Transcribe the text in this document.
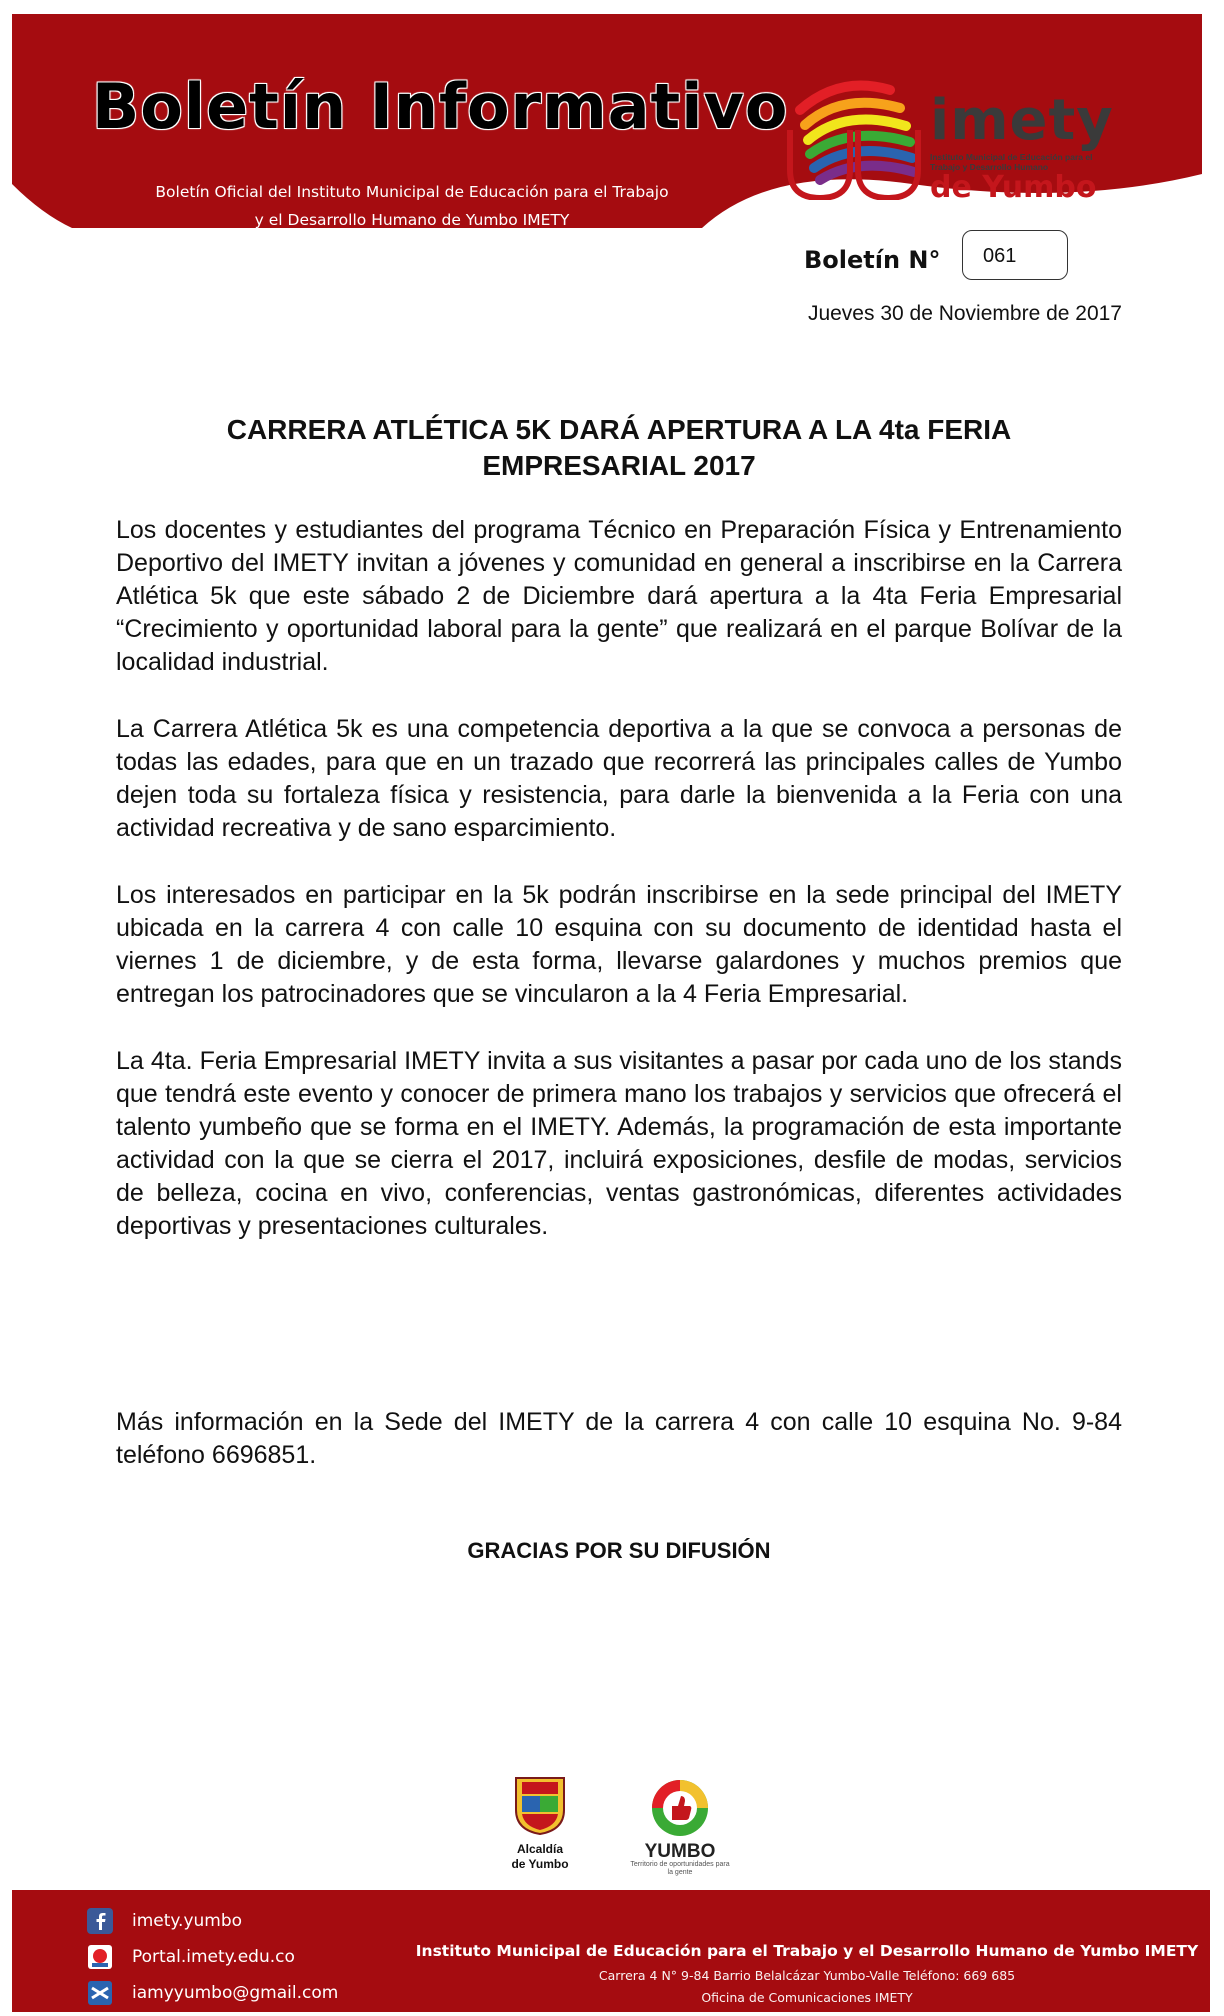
Boletín Informativo
Boletín Oficial del Instituto Municipal de Educación para el Trabajo
y el Desarrollo Humano de Yumbo IMETY
imety
Instituto Municipal de Educación para el Trabajo y Desarrollo Humano
de Yumbo
Boletín N°	061
Jueves 30 de Noviembre de 2017
CARRERA ATLÉTICA 5K DARÁ APERTURA A LA 4ta FERIA
EMPRESARIAL 2017

Los docentes y estudiantes del programa Técnico en Preparación Física y Entrenamiento Deportivo del IMETY invitan a jóvenes y comunidad en general a inscribirse en la Carrera Atlética 5k que este sábado 2 de Diciembre dará apertura a la 4ta Feria Empresarial “Crecimiento y oportunidad laboral para la gente” que realizará en el parque Bolívar de la localidad industrial.

La Carrera Atlética 5k es una competencia deportiva a la que se convoca a personas de todas las edades, para que en un trazado que recorrerá las principales calles de Yumbo dejen toda su fortaleza física y resistencia, para darle la bienvenida a la Feria con una actividad recreativa y de sano esparcimiento.

Los interesados en participar en la 5k podrán inscribirse en la sede principal del IMETY ubicada en la carrera 4 con calle 10 esquina con su documento de identidad hasta el viernes 1 de diciembre, y de esta forma, llevarse galardones y muchos premios que entregan los patrocinadores que se vincularon a la 4 Feria Empresarial.

La 4ta. Feria Empresarial IMETY invita a sus visitantes a pasar por cada uno de los stands que tendrá este evento y conocer de primera mano los trabajos y servicios que ofrecerá el talento yumbeño que se forma en el IMETY. Además, la programación de esta importante actividad con la que se cierra el 2017, incluirá exposiciones, desfile de modas, servicios de belleza, cocina en vivo, conferencias, ventas gastronómicas, diferentes actividades deportivas y presentaciones culturales.

Más información en la Sede del IMETY de la carrera 4 con calle 10 esquina No. 9-84 teléfono 6696851.

GRACIAS POR SU DIFUSIÓN

Alcaldía
de Yumbo
YUMBO
Territorio de oportunidades para la gente
imety.yumbo
Portal.imety.edu.co
iamyyumbo@gmail.com
Instituto Municipal de Educación para el Trabajo y el Desarrollo Humano de Yumbo IMETY
Carrera 4 N° 9-84 Barrio Belalcázar Yumbo-Valle Teléfono: 669 685
Oficina de Comunicaciones IMETY
